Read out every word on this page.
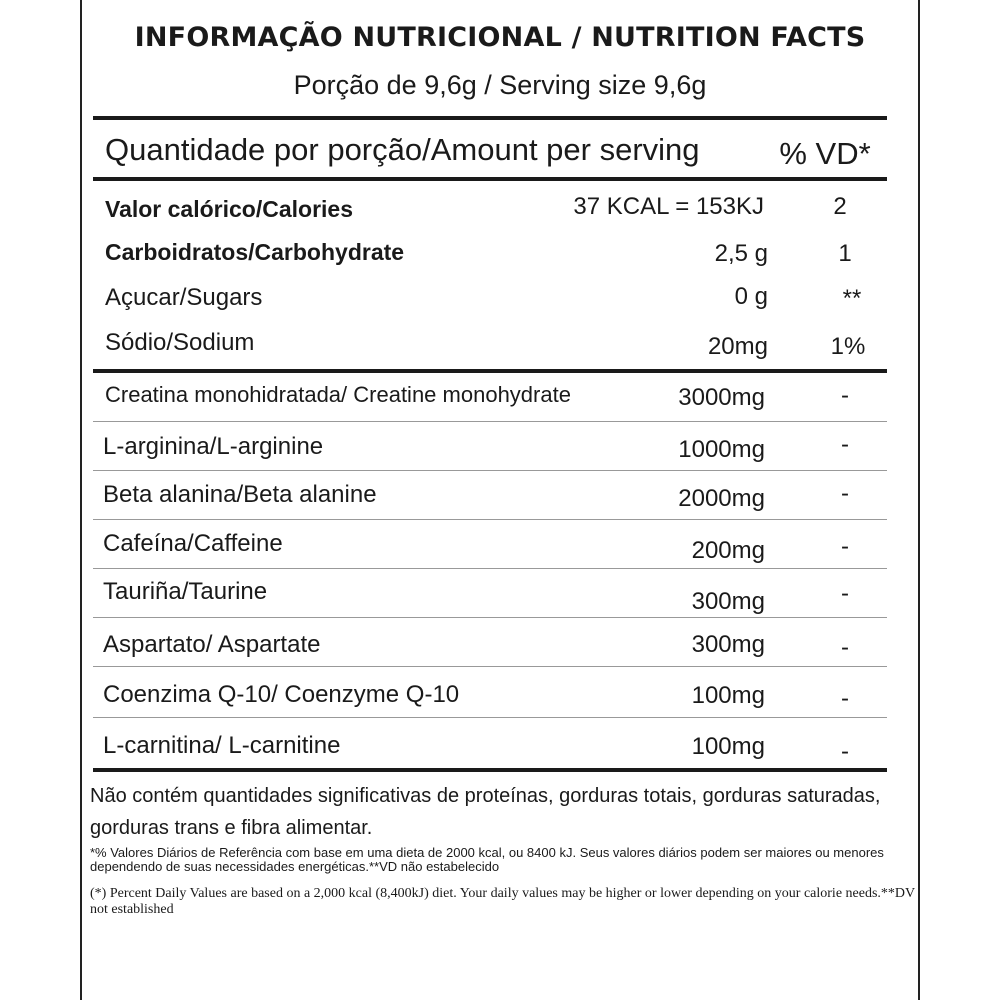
INFORMAÇÃO NUTRICIONAL / NUTRITION FACTS
Porção de 9,6g / Serving size 9,6g
Quantidade por porção/Amount per serving	% VD*
Valor calórico/Calories	37 KCAL = 153KJ	2
Carboidratos/Carbohydrate	2,5 g	1
Açucar/Sugars	0 g	**
Sódio/Sodium	20mg	1%
Creatina monohidratada/ Creatine monohydrate	3000mg	-
L-arginina/L-arginine	1000mg	-
Beta alanina/Beta alanine	2000mg	-
Cafeína/Caffeine	200mg	-
Tauriña/Taurine	300mg	-
Aspartato/ Aspartate	300mg	-
Coenzima Q-10/ Coenzyme Q-10	100mg	-
L-carnitina/ L-carnitine	100mg	-
Não contém quantidades significativas de proteínas, gorduras totais, gorduras saturadas, gorduras trans e fibra alimentar.
*% Valores Diários de Referência com base em uma dieta de 2000 kcal, ou 8400 kJ. Seus valores diários podem ser maiores ou menores dependendo de suas necessidades energéticas.**VD não estabelecido
(*) Percent Daily Values are based on a 2,000 kcal (8,400kJ) diet. Your daily values may be higher or lower depending on your calorie needs.**DV not established
